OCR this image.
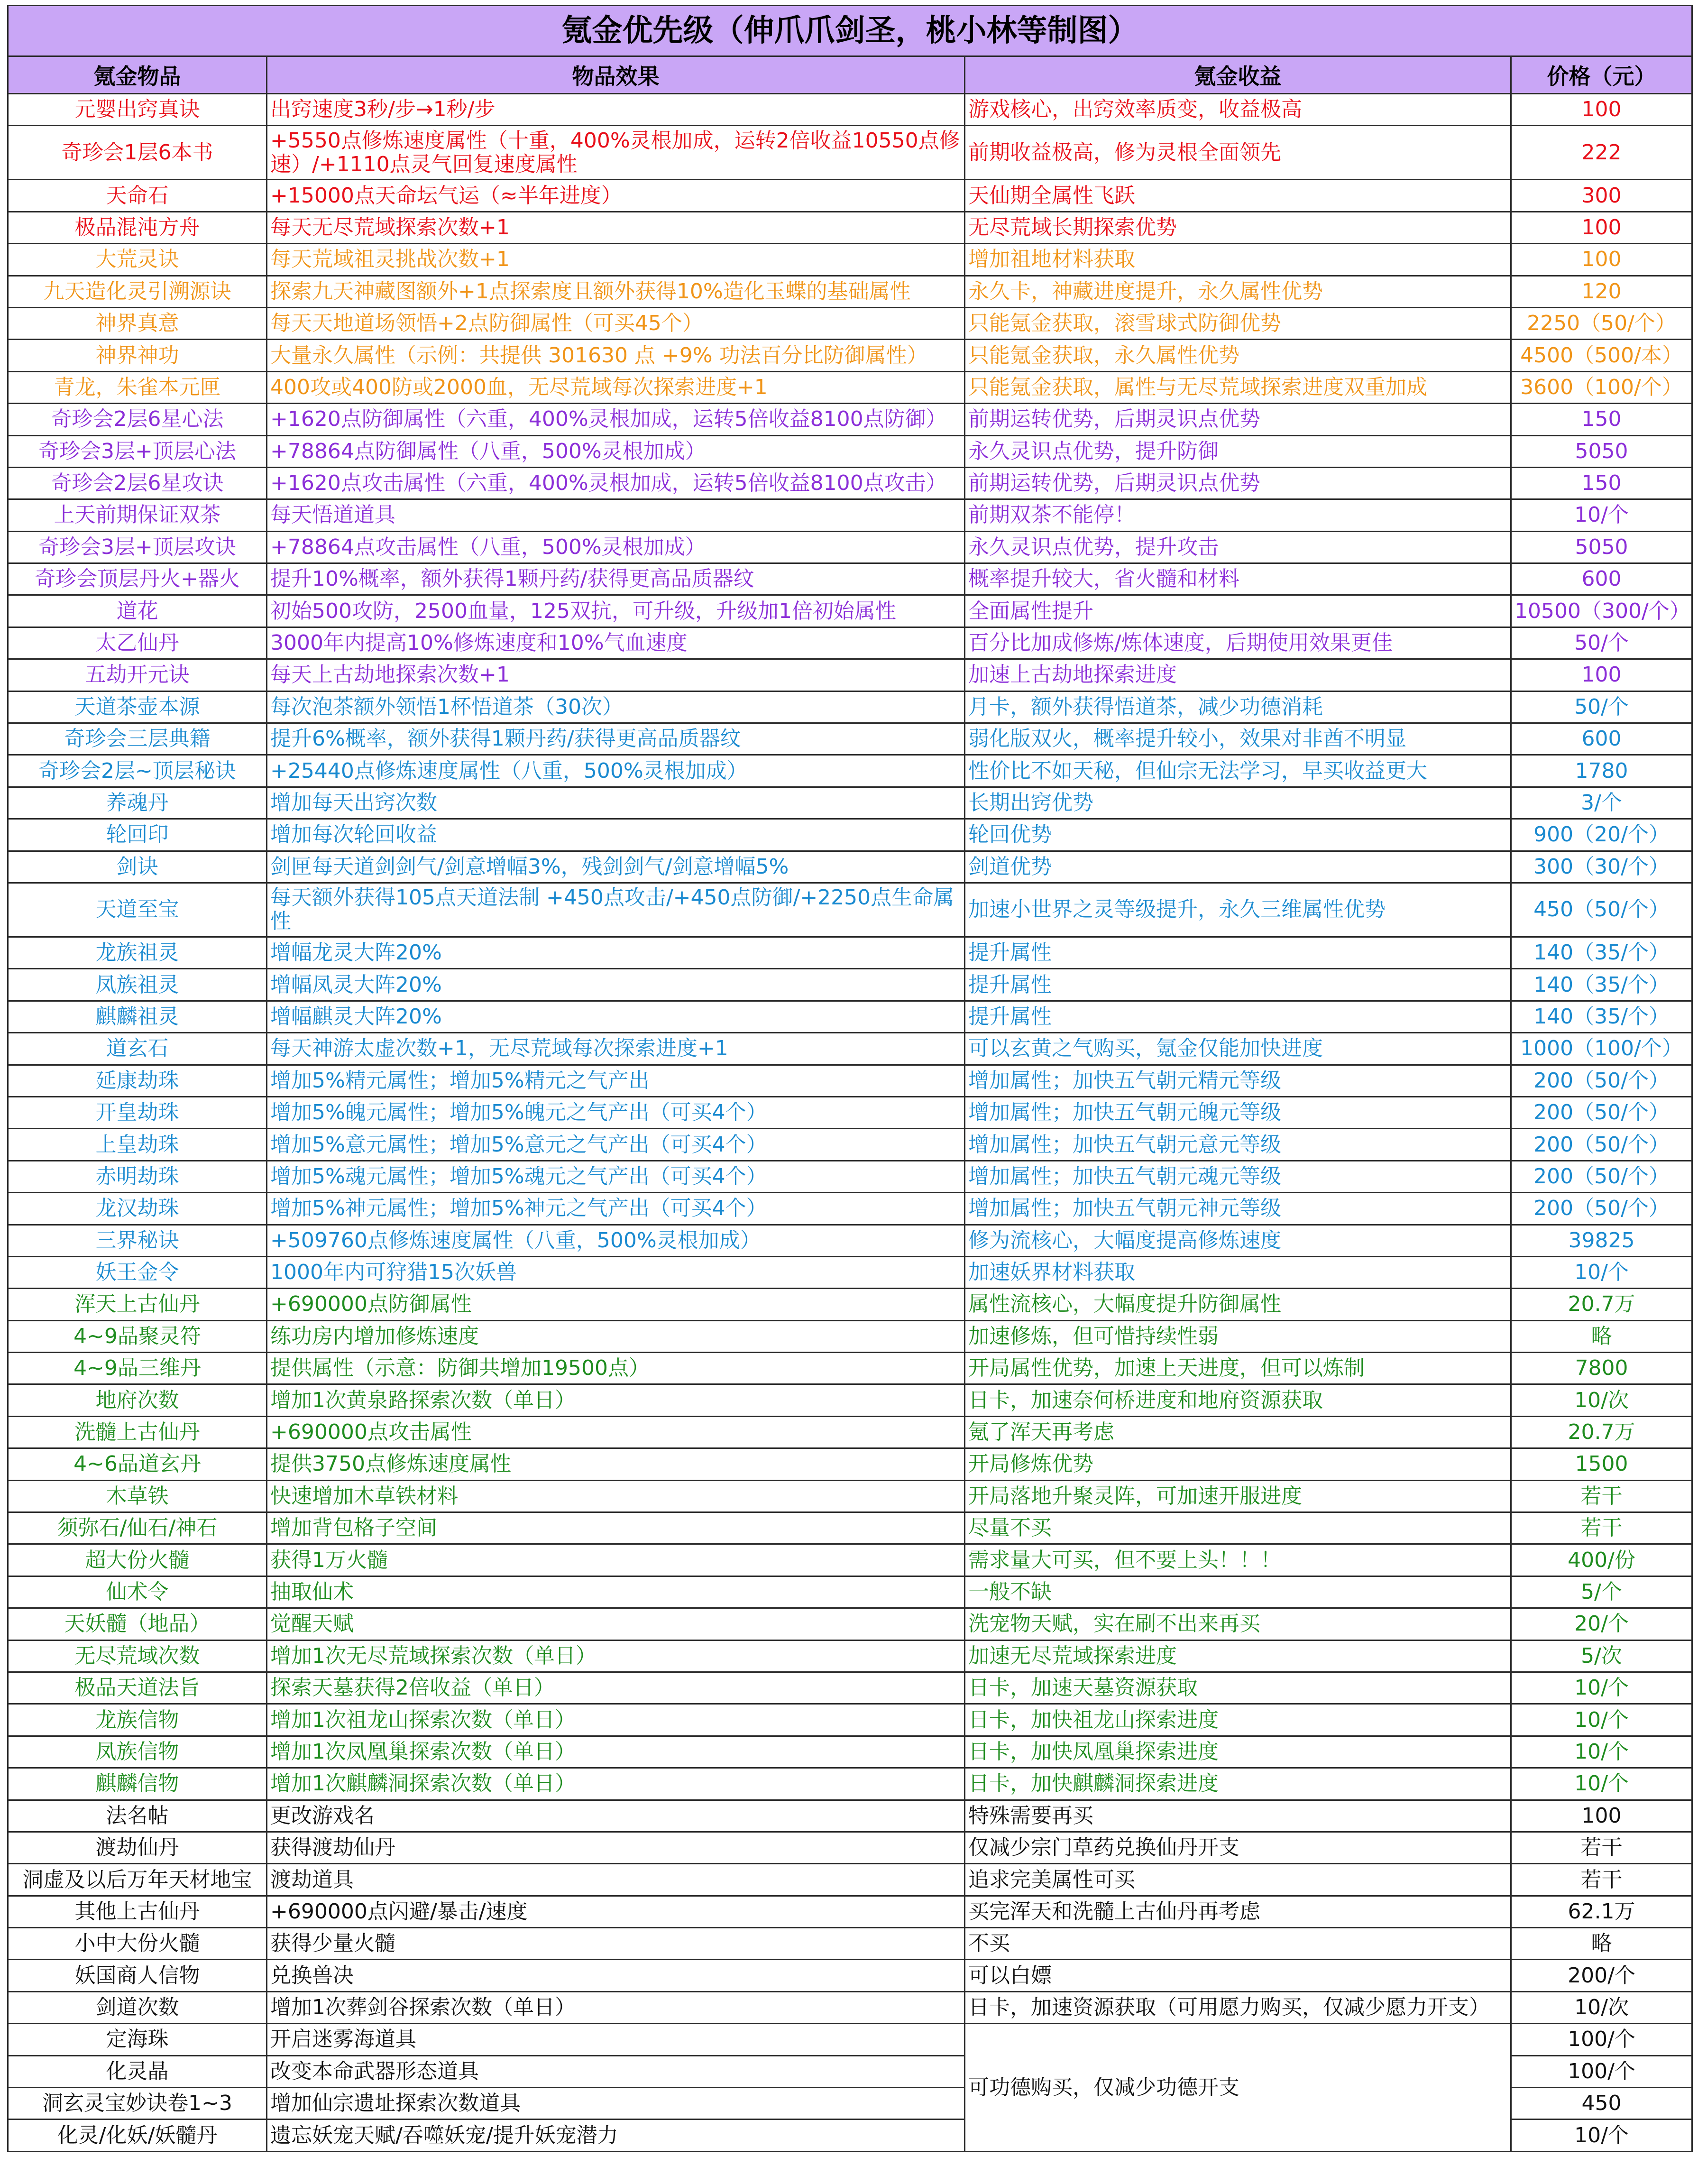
氪金优先级（伸爪爪剑圣，桃小林等制图）			
氪金物品	物品效果	氪金收益	价格（元）
元婴出窍真诀	出窍速度3秒/步→1秒/步	游戏核心，出窍效率质变，收益极高	100
奇珍会1层6本书	+5550点修炼速度属性（十重，400%灵根加成，运转2倍收益10550点修速）/+1110点灵气回复速度属性	前期收益极高，修为灵根全面领先	222
天命石	+15000点天命坛气运（≈半年进度）	天仙期全属性飞跃	300
极品混沌方舟	每天无尽荒域探索次数+1	无尽荒域长期探索优势	100
大荒灵诀	每天荒域祖灵挑战次数+1	增加祖地材料获取	100
九天造化灵引溯源诀	探索九天神藏图额外+1点探索度且额外获得10%造化玉蝶的基础属性	永久卡，神藏进度提升，永久属性优势	120
神界真意	每天天地道场领悟+2点防御属性（可买45个）	只能氪金获取，滚雪球式防御优势	2250（50/个）
神界神功	大量永久属性（示例：共提供 301630 点 +9% 功法百分比防御属性）	只能氪金获取，永久属性优势	4500（500/本）
青龙，朱雀本元匣	400攻或400防或2000血，无尽荒域每次探索进度+1	只能氪金获取，属性与无尽荒域探索进度双重加成	3600（100/个）
奇珍会2层6星心法	+1620点防御属性（六重，400%灵根加成，运转5倍收益8100点防御）	前期运转优势，后期灵识点优势	150
奇珍会3层+顶层心法	+78864点防御属性（八重，500%灵根加成）	永久灵识点优势，提升防御	5050
奇珍会2层6星攻诀	+1620点攻击属性（六重，400%灵根加成，运转5倍收益8100点攻击）	前期运转优势，后期灵识点优势	150
上天前期保证双茶	每天悟道道具	前期双茶不能停！	10/个
奇珍会3层+顶层攻诀	+78864点攻击属性（八重，500%灵根加成）	永久灵识点优势，提升攻击	5050
奇珍会顶层丹火+器火	提升10%概率，额外获得1颗丹药/获得更高品质器纹	概率提升较大，省火髓和材料	600
道花	初始500攻防，2500血量，125双抗，可升级，升级加1倍初始属性	全面属性提升	10500（300/个）
太乙仙丹	3000年内提高10%修炼速度和10%气血速度	百分比加成修炼/炼体速度，后期使用效果更佳	50/个
五劫开元诀	每天上古劫地探索次数+1	加速上古劫地探索进度	100
天道茶壶本源	每次泡茶额外领悟1杯悟道茶（30次）	月卡，额外获得悟道茶，减少功德消耗	50/个
奇珍会三层典籍	提升6%概率，额外获得1颗丹药/获得更高品质器纹	弱化版双火，概率提升较小，效果对非酋不明显	600
奇珍会2层~顶层秘诀	+25440点修炼速度属性（八重，500%灵根加成）	性价比不如天秘，但仙宗无法学习，早买收益更大	1780
养魂丹	增加每天出窍次数	长期出窍优势	3/个
轮回印	增加每次轮回收益	轮回优势	900（20/个）
剑诀	剑匣每天道剑剑气/剑意增幅3%，残剑剑气/剑意增幅5%	剑道优势	300（30/个）
天道至宝	每天额外获得105点天道法制 +450点攻击/+450点防御/+2250点生命属性	加速小世界之灵等级提升，永久三维属性优势	450（50/个）
龙族祖灵	增幅龙灵大阵20%	提升属性	140（35/个）
凤族祖灵	增幅凤灵大阵20%	提升属性	140（35/个）
麒麟祖灵	增幅麒灵大阵20%	提升属性	140（35/个）
道玄石	每天神游太虚次数+1，无尽荒域每次探索进度+1	可以玄黄之气购买，氪金仅能加快进度	1000（100/个）
延康劫珠	增加5%精元属性；增加5%精元之气产出	增加属性；加快五气朝元精元等级	200（50/个）
开皇劫珠	增加5%魄元属性；增加5%魄元之气产出（可买4个）	增加属性；加快五气朝元魄元等级	200（50/个）
上皇劫珠	增加5%意元属性；增加5%意元之气产出（可买4个）	增加属性；加快五气朝元意元等级	200（50/个）
赤明劫珠	增加5%魂元属性；增加5%魂元之气产出（可买4个）	增加属性；加快五气朝元魂元等级	200（50/个）
龙汉劫珠	增加5%神元属性；增加5%神元之气产出（可买4个）	增加属性；加快五气朝元神元等级	200（50/个）
三界秘诀	+509760点修炼速度属性（八重，500%灵根加成）	修为流核心，大幅度提高修炼速度	39825
妖王金令	1000年内可狩猎15次妖兽	加速妖界材料获取	10/个
浑天上古仙丹	+690000点防御属性	属性流核心，大幅度提升防御属性	20.7万
4~9品聚灵符	练功房内增加修炼速度	加速修炼，但可惜持续性弱	略
4~9品三维丹	提供属性（示意：防御共增加19500点）	开局属性优势，加速上天进度，但可以炼制	7800
地府次数	增加1次黄泉路探索次数（单日）	日卡，加速奈何桥进度和地府资源获取	10/次
洗髓上古仙丹	+690000点攻击属性	氪了浑天再考虑	20.7万
4~6品道玄丹	提供3750点修炼速度属性	开局修炼优势	1500
木草铁	快速增加木草铁材料	开局落地升聚灵阵，可加速开服进度	若干
须弥石/仙石/神石	增加背包格子空间	尽量不买	若干
超大份火髓	获得1万火髓	需求量大可买，但不要上头！！！	400/份
仙术令	抽取仙术	一般不缺	5/个
天妖髓（地品）	觉醒天赋	洗宠物天赋，实在刷不出来再买	20/个
无尽荒域次数	增加1次无尽荒域探索次数（单日）	加速无尽荒域探索进度	5/次
极品天道法旨	探索天墓获得2倍收益（单日）	日卡，加速天墓资源获取	10/个
龙族信物	增加1次祖龙山探索次数（单日）	日卡，加快祖龙山探索进度	10/个
凤族信物	增加1次凤凰巢探索次数（单日）	日卡，加快凤凰巢探索进度	10/个
麒麟信物	增加1次麒麟洞探索次数（单日）	日卡，加快麒麟洞探索进度	10/个
法名帖	更改游戏名	特殊需要再买	100
渡劫仙丹	获得渡劫仙丹	仅减少宗门草药兑换仙丹开支	若干
洞虚及以后万年天材地宝	渡劫道具	追求完美属性可买	若干
其他上古仙丹	+690000点闪避/暴击/速度	买完浑天和洗髓上古仙丹再考虑	62.1万
小中大份火髓	获得少量火髓	不买	略
妖国商人信物	兑换兽决	可以白嫖	200/个
剑道次数	增加1次葬剑谷探索次数（单日）	日卡，加速资源获取（可用愿力购买，仅减少愿力开支）	10/次
定海珠	开启迷雾海道具	可功德购买，仅减少功德开支	100/个
化灵晶	改变本命武器形态道具		100/个
洞玄灵宝妙诀卷1~3	增加仙宗遗址探索次数道具		450
化灵/化妖/妖髓丹	遗忘妖宠天赋/吞噬妖宠/提升妖宠潜力		10/个
